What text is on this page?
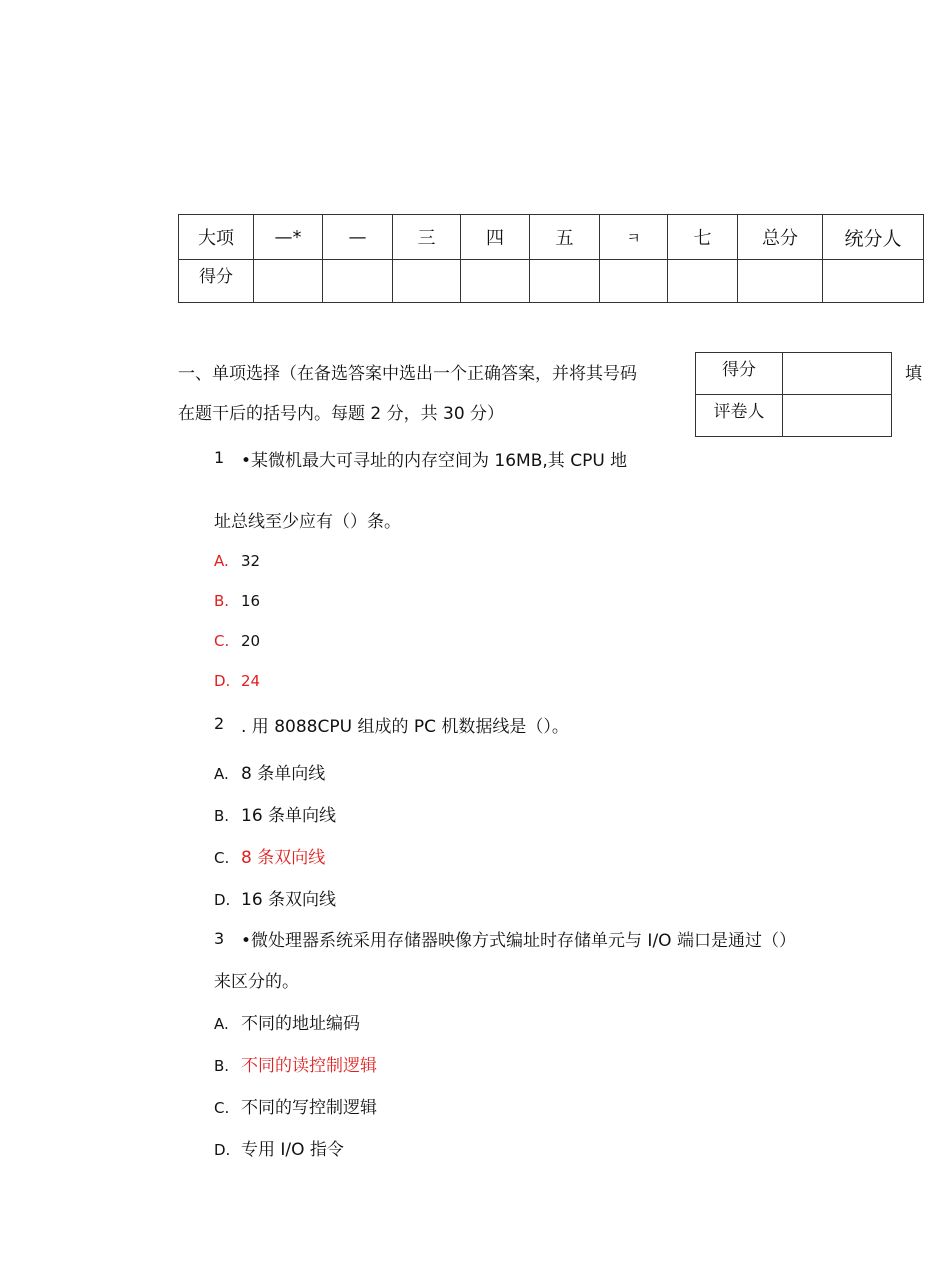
大项	—*	—	三	四	五	ㅋ	七	总分	统分人
得分									
一、单项选择（在备选答案中选出一个正确答案，并将其号码
在题干后的括号内。每题 2 分，共 30 分）
得分	
评卷人	
填
1 •某微机最大可寻址的内存空间为 16MB,其 CPU 地
址总线至少应有（）条。
A. 32
B. 16
C. 20
D. 24
2 . 用 8088CPU 组成的 PC 机数据线是（）。
A. 8 条单向线
B. 16 条单向线
C. 8 条双向线
D. 16 条双向线
3 •微处理器系统采用存储器映像方式编址时存储单元与 I/O 端口是通过（）
来区分的。
A. 不同的地址编码
B. 不同的读控制逻辑
C. 不同的写控制逻辑
D. 专用 I/O 指令
